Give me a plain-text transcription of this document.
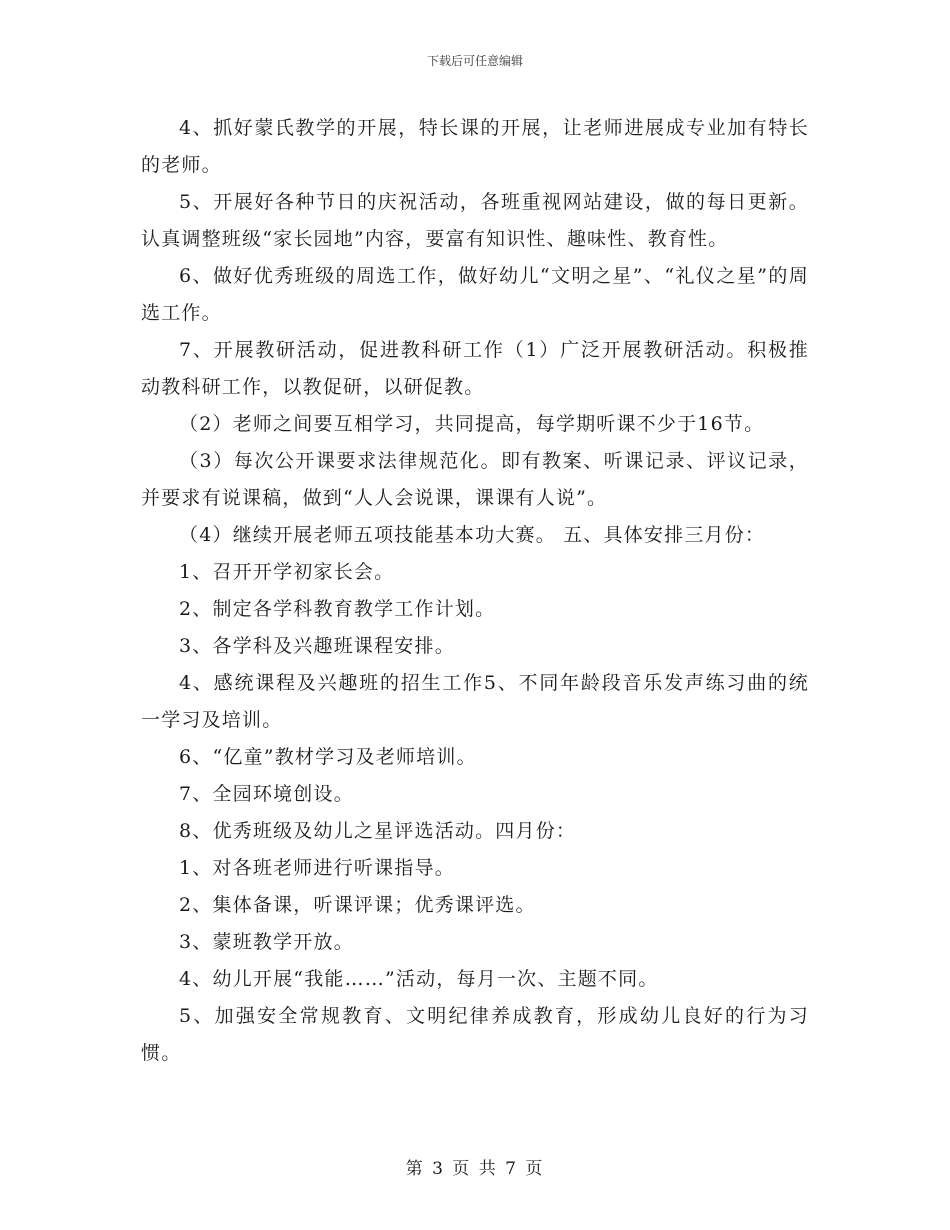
下载后可任意编辑

4、抓好蒙氏教学的开展，特长课的开展，让老师进展成专业加有特长的老师。

5、开展好各种节日的庆祝活动，各班重视网站建设，做的每日更新。认真调整班级“家长园地”内容，要富有知识性、趣味性、教育性。

6、做好优秀班级的周选工作，做好幼儿“文明之星”、“礼仪之星”的周选工作。

7、开展教研活动，促进教科研工作（1）广泛开展教研活动。积极推动教科研工作，以教促研，以研促教。

（2）老师之间要互相学习，共同提高，每学期听课不少于16节。

（3）每次公开课要求法律规范化。即有教案、听课记录、评议记录，并要求有说课稿，做到“人人会说课，课课有人说”。

（4）继续开展老师五项技能基本功大赛。 五、具体安排三月份：

1、召开开学初家长会。

2、制定各学科教育教学工作计划。

3、各学科及兴趣班课程安排。

4、感统课程及兴趣班的招生工作5、不同年龄段音乐发声练习曲的统一学习及培训。

6、“亿童”教材学习及老师培训。

7、全园环境创设。

8、优秀班级及幼儿之星评选活动。四月份：

1、对各班老师进行听课指导。

2、集体备课，听课评课；优秀课评选。

3、蒙班教学开放。

4、幼儿开展“我能……”活动，每月一次、主题不同。

5、加强安全常规教育、文明纪律养成教育，形成幼儿良好的行为习惯。

第 3 页 共 7 页
